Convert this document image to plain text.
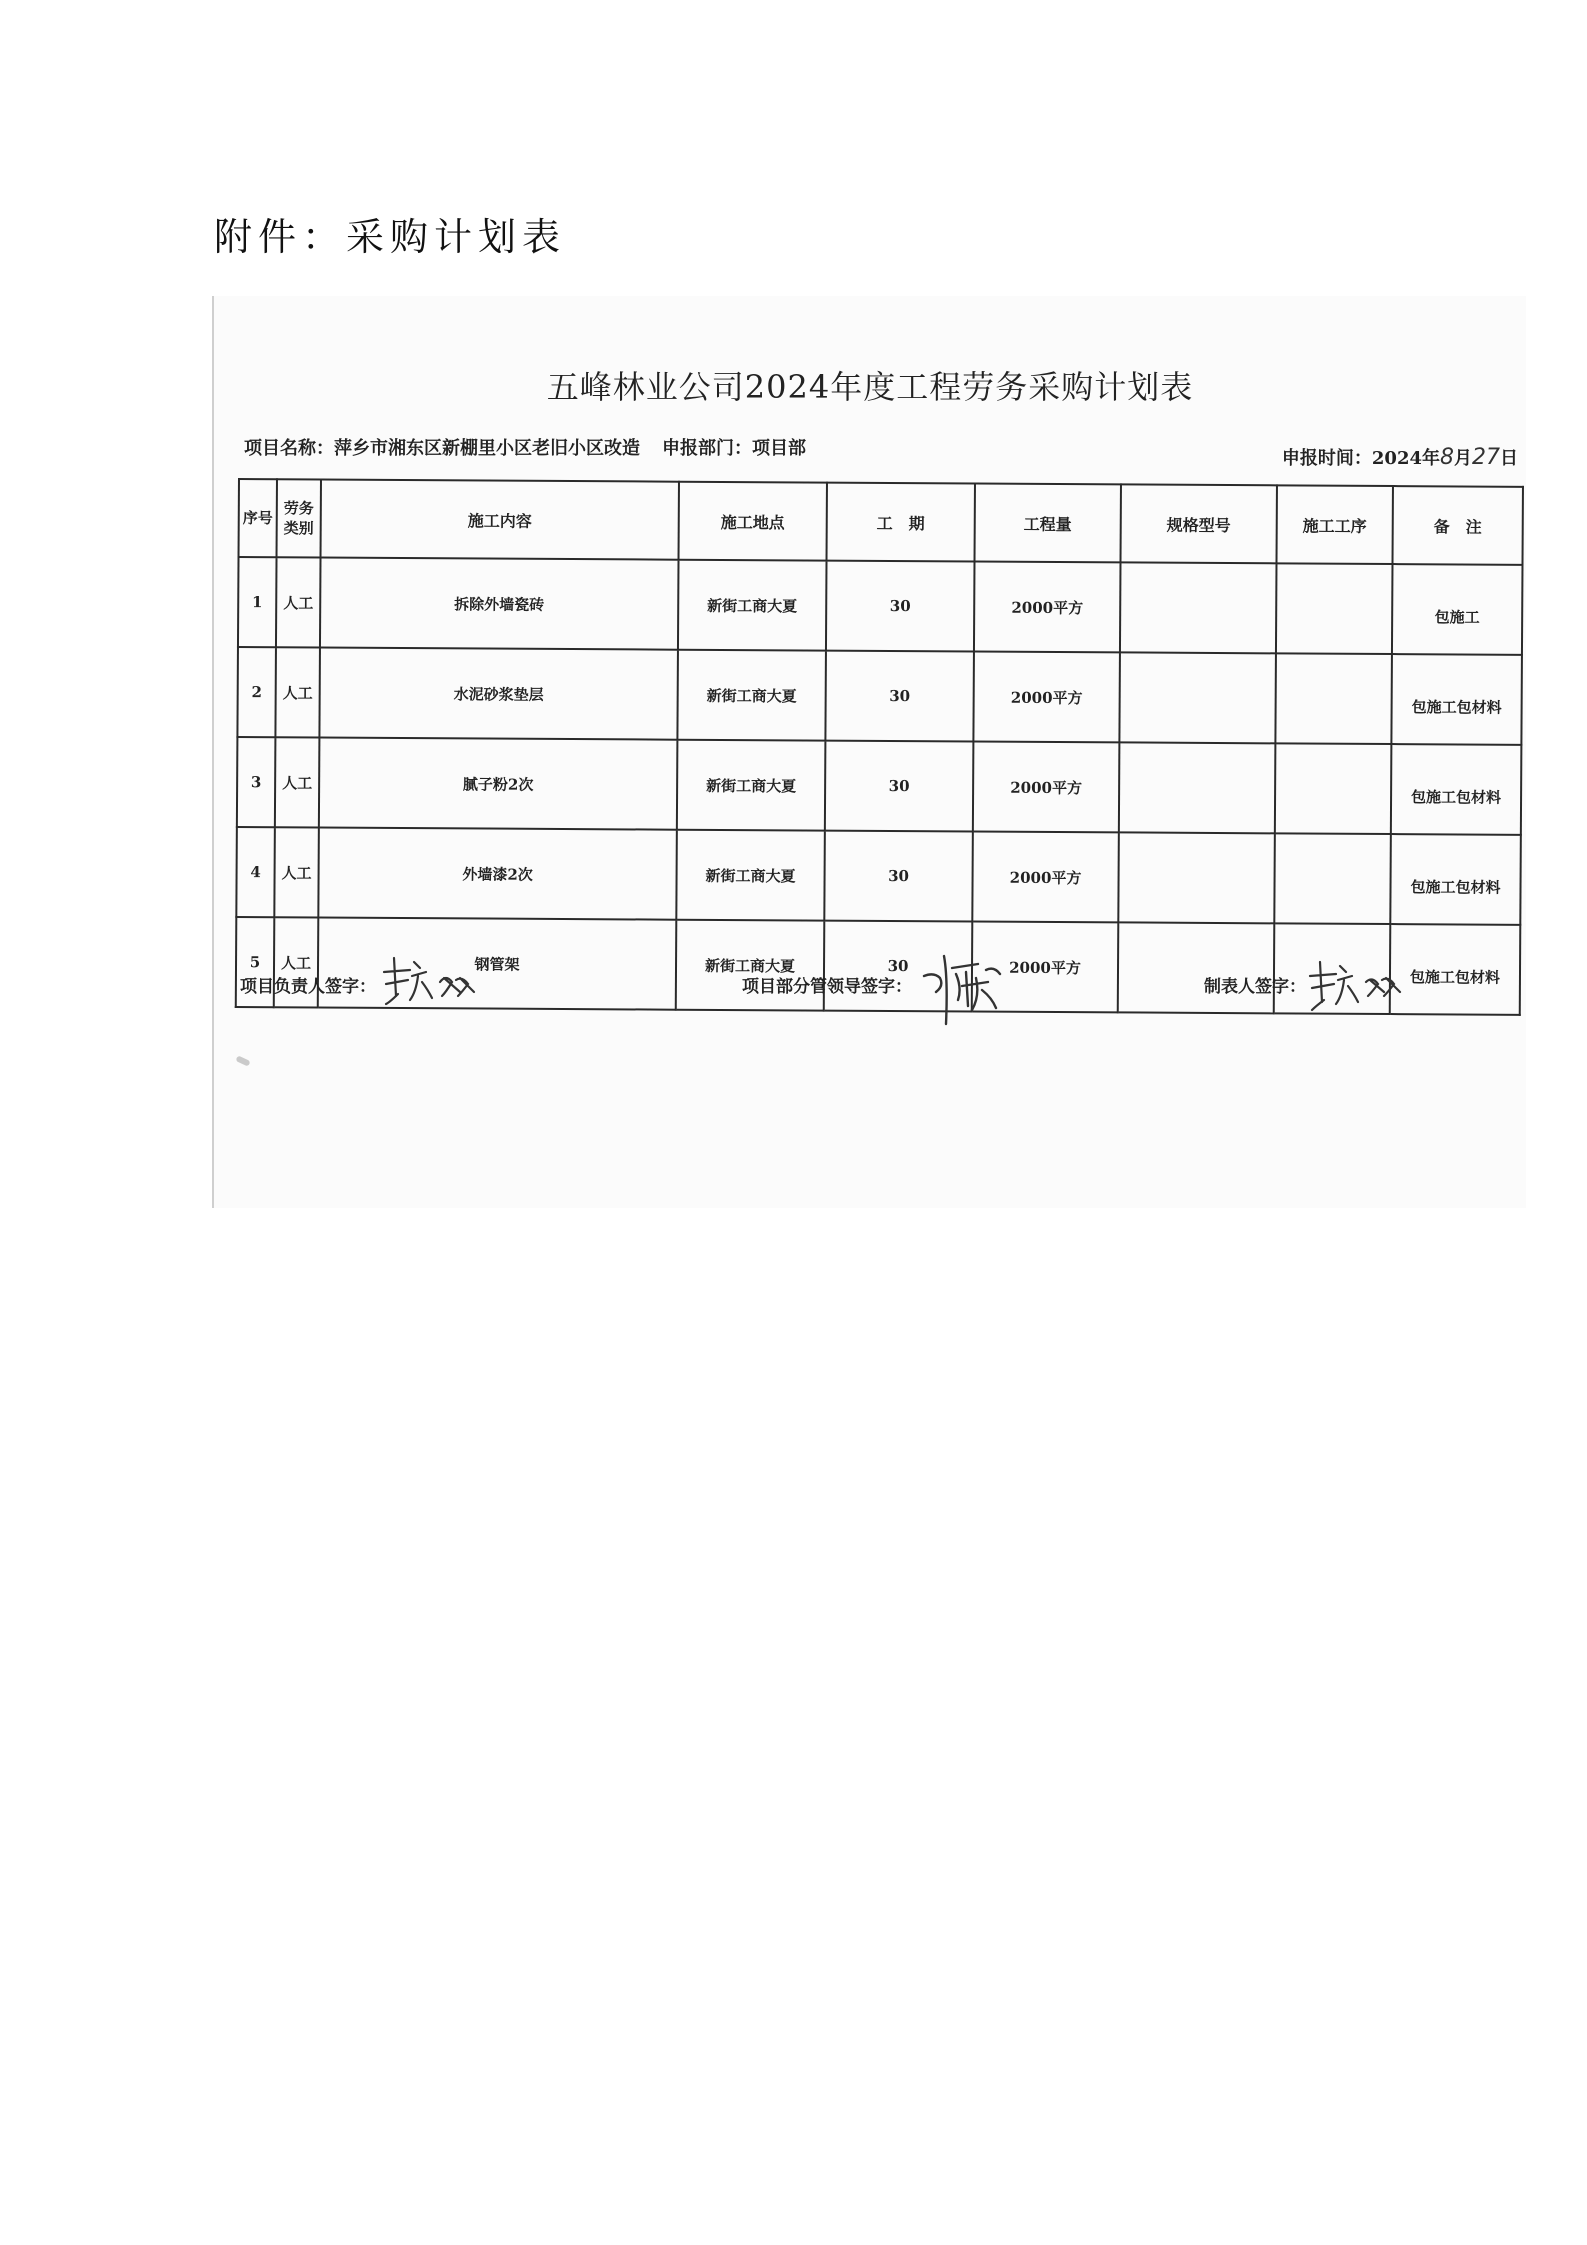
附件：采购计划表
五峰林业公司2024年度工程劳务采购计划表
项目名称：萍乡市湘东区新棚里小区老旧小区改造 申报部门：项目部	申报时间：2024年8月27日
序号	劳务类别	施工内容	施工地点	工　期	工程量	规格型号	施工工序	备　注
1	人工	拆除外墙瓷砖	新街工商大夏	30	2000平方			包施工
2	人工	水泥砂浆垫层	新街工商大夏	30	2000平方			包施工包材料
3	人工	腻子粉2次	新街工商大夏	30	2000平方			包施工包材料
4	人工	外墙漆2次	新街工商大夏	30	2000平方			包施工包材料
5	人工	钢管架	新街工商大夏	30	2000平方			包施工包材料
项目负责人签字：	项目部分管领导签字：	制表人签字：
